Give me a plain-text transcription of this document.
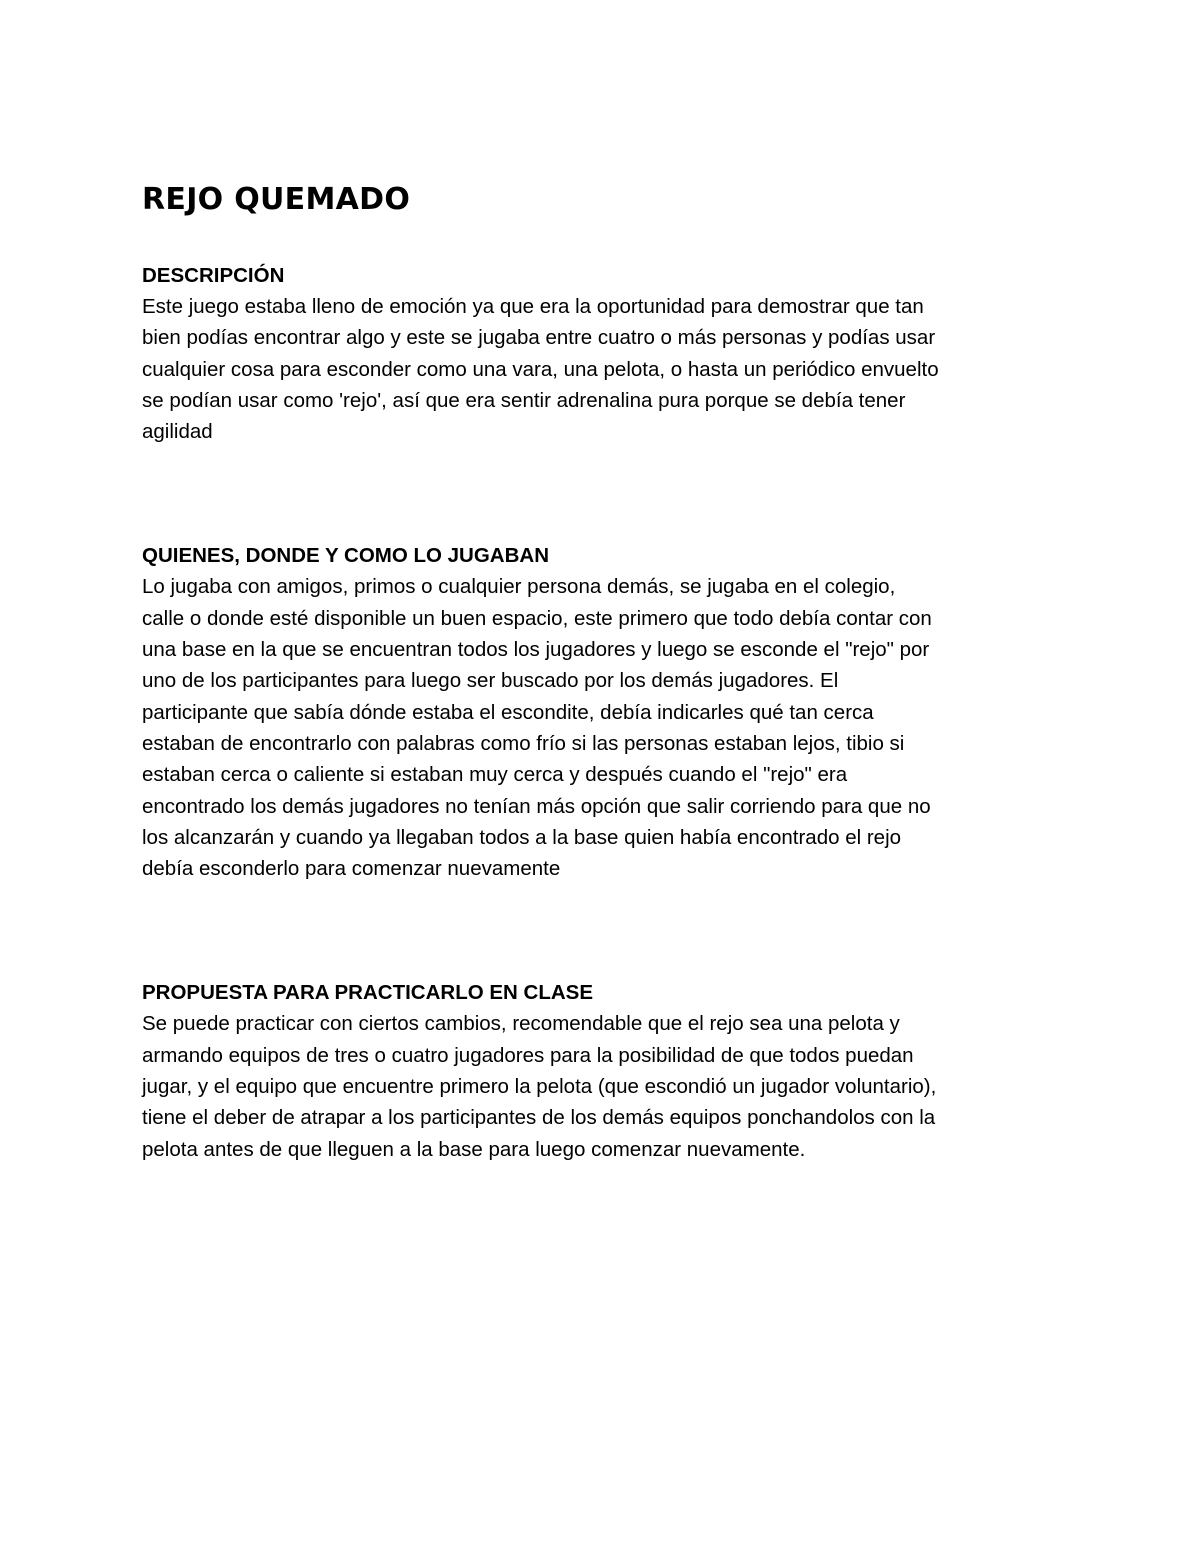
REJO QUEMADO
DESCRIPCIÓN

Este juego estaba lleno de emoción ya que era la oportunidad para demostrar que tan
bien podías encontrar algo y este se jugaba entre cuatro o más personas y podías usar
cualquier cosa para esconder como una vara, una pelota, o hasta un periódico envuelto
se podían usar como 'rejo', así que era sentir adrenalina pura porque se debía tener
agilidad

QUIENES, DONDE Y COMO LO JUGABAN

Lo jugaba con amigos, primos o cualquier persona demás, se jugaba en el colegio,
calle o donde esté disponible un buen espacio, este primero que todo debía contar con
una base en la que se encuentran todos los jugadores y luego se esconde el "rejo" por
uno de los participantes para luego ser buscado por los demás jugadores. El
participante que sabía dónde estaba el escondite, debía indicarles qué tan cerca
estaban de encontrarlo con palabras como frío si las personas estaban lejos, tibio si
estaban cerca o caliente si estaban muy cerca y después cuando el "rejo" era
encontrado los demás jugadores no tenían más opción que salir corriendo para que no
los alcanzarán y cuando ya llegaban todos a la base quien había encontrado el rejo
debía esconderlo para comenzar nuevamente

PROPUESTA PARA PRACTICARLO EN CLASE

Se puede practicar con ciertos cambios, recomendable que el rejo sea una pelota y
armando equipos de tres o cuatro jugadores para la posibilidad de que todos puedan
jugar, y el equipo que encuentre primero la pelota (que escondió un jugador voluntario),
tiene el deber de atrapar a los participantes de los demás equipos ponchandolos con la
pelota antes de que lleguen a la base para luego comenzar nuevamente.
